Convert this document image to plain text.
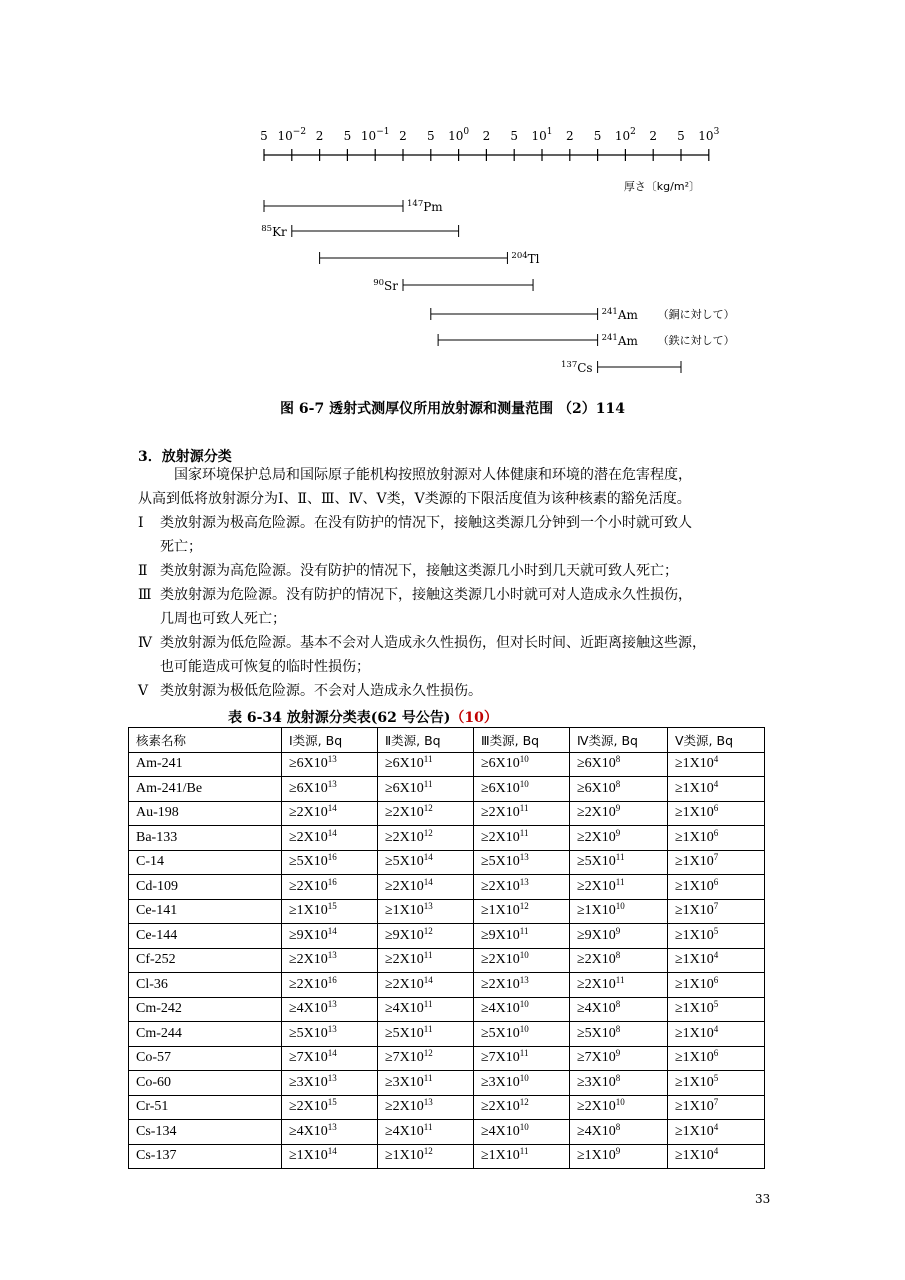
5 $10^{-2}$ 2 5 $10^{-1}$ 2 5 $10^0$ 2 5 $10^1$ 2 5 $10^2$ 2 5 $10^3$
厚さ〔kg/m²〕
$^{147}$Pm
$^{85}$Kr
$^{204}$Tl
$^{90}$Sr
$^{241}$Am （銅に対して）
$^{241}$Am （鉄に対して）
$^{137}$Cs
图 6-7 透射式测厚仪所用放射源和测量范围 （2）114
3．放射源分类
国家环境保护总局和国际原子能机构按照放射源对人体健康和环境的潜在危害程度，
从高到低将放射源分为Ⅰ、Ⅱ、Ⅲ、Ⅳ、Ⅴ类，Ⅴ类源的下限活度值为该种核素的豁免活度。
Ⅰ 类放射源为极高危险源。在没有防护的情况下，接触这类源几分钟到一个小时就可致人
死亡；
Ⅱ 类放射源为高危险源。没有防护的情况下，接触这类源几小时到几天就可致人死亡；
Ⅲ 类放射源为危险源。没有防护的情况下，接触这类源几小时就可对人造成永久性损伤，
几周也可致人死亡；
Ⅳ 类放射源为低危险源。基本不会对人造成永久性损伤，但对长时间、近距离接触这些源，
也可能造成可恢复的临时性损伤；
Ⅴ 类放射源为极低危险源。不会对人造成永久性损伤。
表 6-34 放射源分类表(62 号公告)（10）
核素名称	Ⅰ类源, Bq	Ⅱ类源, Bq	Ⅲ类源, Bq	Ⅳ类源, Bq	Ⅴ类源, Bq
Am-241	$\ge 6X10^{13}$	$\ge 6X10^{11}$	$\ge 6X10^{10}$	$\ge 6X10^8$	$\ge 1X10^4$
Am-241/Be	$\ge 6X10^{13}$	$\ge 6X10^{11}$	$\ge 6X10^{10}$	$\ge 6X10^8$	$\ge 1X10^4$
Au-198	$\ge 2X10^{14}$	$\ge 2X10^{12}$	$\ge 2X10^{11}$	$\ge 2X10^9$	$\ge 1X10^6$
Ba-133	$\ge 2X10^{14}$	$\ge 2X10^{12}$	$\ge 2X10^{11}$	$\ge 2X10^9$	$\ge 1X10^6$
C-14	$\ge 5X10^{16}$	$\ge 5X10^{14}$	$\ge 5X10^{13}$	$\ge 5X10^{11}$	$\ge 1X10^7$
Cd-109	$\ge 2X10^{16}$	$\ge 2X10^{14}$	$\ge 2X10^{13}$	$\ge 2X10^{11}$	$\ge 1X10^6$
Ce-141	$\ge 1X10^{15}$	$\ge 1X10^{13}$	$\ge 1X10^{12}$	$\ge 1X10^{10}$	$\ge 1X10^7$
Ce-144	$\ge 9X10^{14}$	$\ge 9X10^{12}$	$\ge 9X10^{11}$	$\ge 9X10^9$	$\ge 1X10^5$
Cf-252	$\ge 2X10^{13}$	$\ge 2X10^{11}$	$\ge 2X10^{10}$	$\ge 2X10^8$	$\ge 1X10^4$
Cl-36	$\ge 2X10^{16}$	$\ge 2X10^{14}$	$\ge 2X10^{13}$	$\ge 2X10^{11}$	$\ge 1X10^6$
Cm-242	$\ge 4X10^{13}$	$\ge 4X10^{11}$	$\ge 4X10^{10}$	$\ge 4X10^8$	$\ge 1X10^5$
Cm-244	$\ge 5X10^{13}$	$\ge 5X10^{11}$	$\ge 5X10^{10}$	$\ge 5X10^8$	$\ge 1X10^4$
Co-57	$\ge 7X10^{14}$	$\ge 7X10^{12}$	$\ge 7X10^{11}$	$\ge 7X10^9$	$\ge 1X10^6$
Co-60	$\ge 3X10^{13}$	$\ge 3X10^{11}$	$\ge 3X10^{10}$	$\ge 3X10^8$	$\ge 1X10^5$
Cr-51	$\ge 2X10^{15}$	$\ge 2X10^{13}$	$\ge 2X10^{12}$	$\ge 2X10^{10}$	$\ge 1X10^7$
Cs-134	$\ge 4X10^{13}$	$\ge 4X10^{11}$	$\ge 4X10^{10}$	$\ge 4X10^8$	$\ge 1X10^4$
Cs-137	$\ge 1X10^{14}$	$\ge 1X10^{12}$	$\ge 1X10^{11}$	$\ge 1X10^9$	$\ge 1X10^4$
33
